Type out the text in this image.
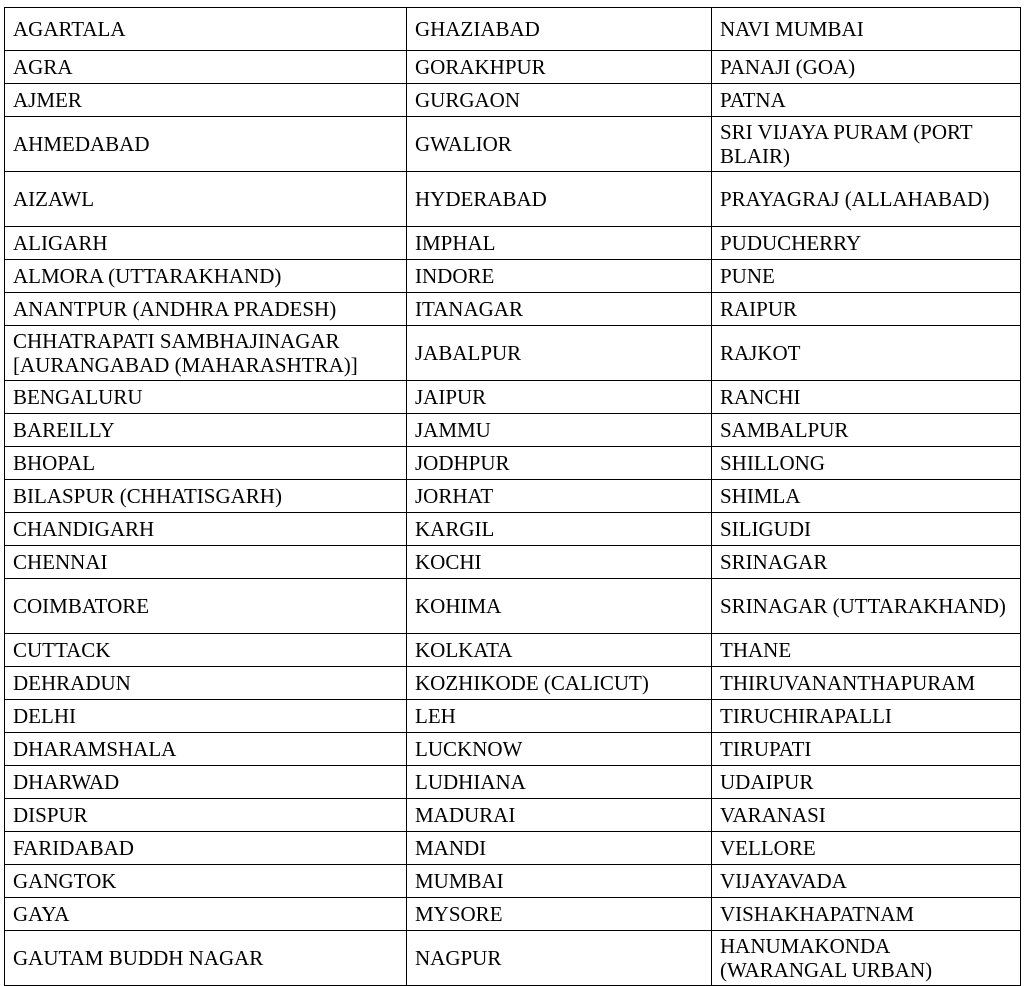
AGARTALA	GHAZIABAD	NAVI MUMBAI
AGRA	GORAKHPUR	PANAJI (GOA)
AJMER	GURGAON	PATNA
AHMEDABAD	GWALIOR	SRI VIJAYA PURAM (PORT BLAIR)
AIZAWL	HYDERABAD	PRAYAGRAJ (ALLAHABAD)
ALIGARH	IMPHAL	PUDUCHERRY
ALMORA (UTTARAKHAND)	INDORE	PUNE
ANANTPUR (ANDHRA PRADESH)	ITANAGAR	RAIPUR
CHHATRAPATI SAMBHAJINAGAR [AURANGABAD (MAHARASHTRA)]	JABALPUR	RAJKOT
BENGALURU	JAIPUR	RANCHI
BAREILLY	JAMMU	SAMBALPUR
BHOPAL	JODHPUR	SHILLONG
BILASPUR (CHHATISGARH)	JORHAT	SHIMLA
CHANDIGARH	KARGIL	SILIGUDI
CHENNAI	KOCHI	SRINAGAR
COIMBATORE	KOHIMA	SRINAGAR (UTTARAKHAND)
CUTTACK	KOLKATA	THANE
DEHRADUN	KOZHIKODE (CALICUT)	THIRUVANANTHAPURAM
DELHI	LEH	TIRUCHIRAPALLI
DHARAMSHALA	LUCKNOW	TIRUPATI
DHARWAD	LUDHIANA	UDAIPUR
DISPUR	MADURAI	VARANASI
FARIDABAD	MANDI	VELLORE
GANGTOK	MUMBAI	VIJAYAVADA
GAYA	MYSORE	VISHAKHAPATNAM
GAUTAM BUDDH NAGAR	NAGPUR	HANUMAKONDA (WARANGAL URBAN)
